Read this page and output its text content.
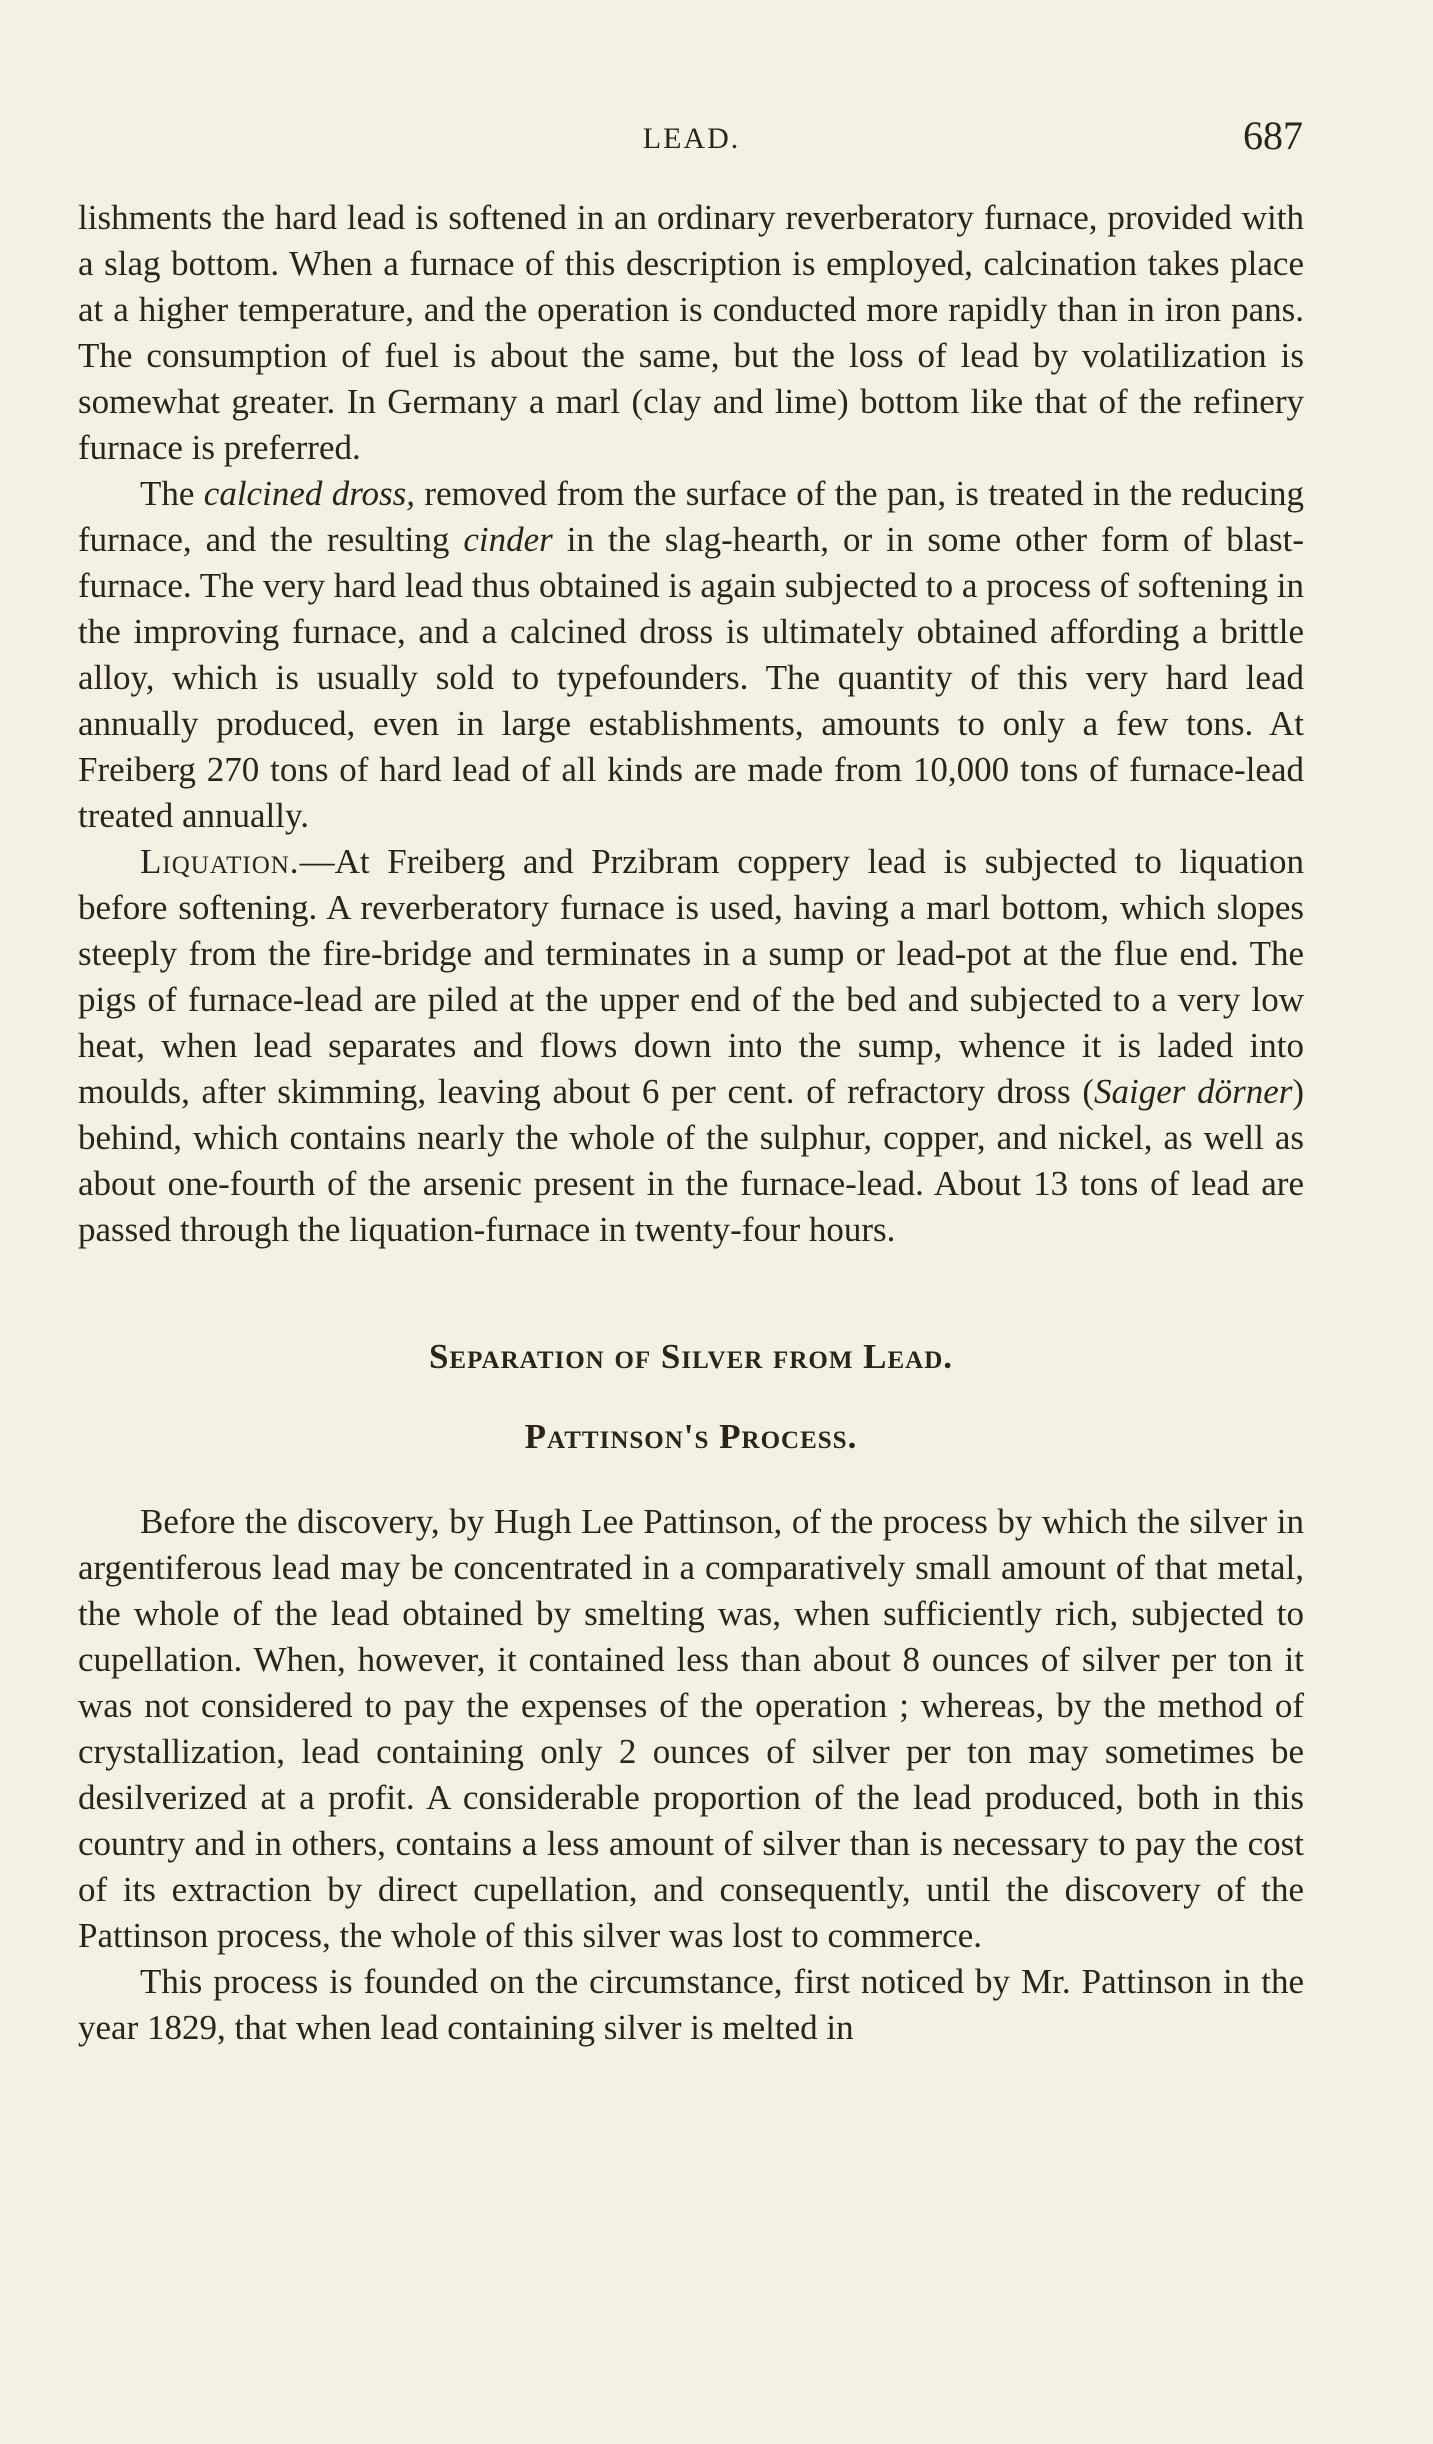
LEAD.	687

lishments the hard lead is softened in an ordinary reverberatory furnace, provided with a slag bottom. When a furnace of this description is employed, calcination takes place at a higher temperature, and the operation is conducted more rapidly than in iron pans. The consumption of fuel is about the same, but the loss of lead by volatilization is somewhat greater. In Germany a marl (clay and lime) bottom like that of the refinery furnace is preferred.

The calcined dross, removed from the surface of the pan, is treated in the reducing furnace, and the resulting cinder in the slag-hearth, or in some other form of blast-furnace. The very hard lead thus obtained is again subjected to a process of softening in the improving furnace, and a calcined dross is ultimately obtained affording a brittle alloy, which is usually sold to typefounders. The quantity of this very hard lead annually produced, even in large establishments, amounts to only a few tons. At Freiberg 270 tons of hard lead of all kinds are made from 10,000 tons of furnace-lead treated annually.

Liquation.—At Freiberg and Przibram coppery lead is subjected to liquation before softening. A reverberatory furnace is used, having a marl bottom, which slopes steeply from the fire-bridge and terminates in a sump or lead-pot at the flue end. The pigs of furnace-lead are piled at the upper end of the bed and subjected to a very low heat, when lead separates and flows down into the sump, whence it is laded into moulds, after skimming, leaving about 6 per cent. of refractory dross (Saiger dörner) behind, which contains nearly the whole of the sulphur, copper, and nickel, as well as about one-fourth of the arsenic present in the furnace-lead. About 13 tons of lead are passed through the liquation-furnace in twenty-four hours.

Separation of Silver from Lead.
Pattinson's Process.

Before the discovery, by Hugh Lee Pattinson, of the process by which the silver in argentiferous lead may be concentrated in a comparatively small amount of that metal, the whole of the lead obtained by smelting was, when sufficiently rich, subjected to cupellation. When, however, it contained less than about 8 ounces of silver per ton it was not considered to pay the expenses of the operation ; whereas, by the method of crystallization, lead containing only 2 ounces of silver per ton may sometimes be desilverized at a profit. A considerable proportion of the lead produced, both in this country and in others, contains a less amount of silver than is necessary to pay the cost of its extraction by direct cupellation, and consequently, until the discovery of the Pattinson process, the whole of this silver was lost to commerce.

This process is founded on the circumstance, first noticed by Mr. Pattinson in the year 1829, that when lead containing silver is melted in
